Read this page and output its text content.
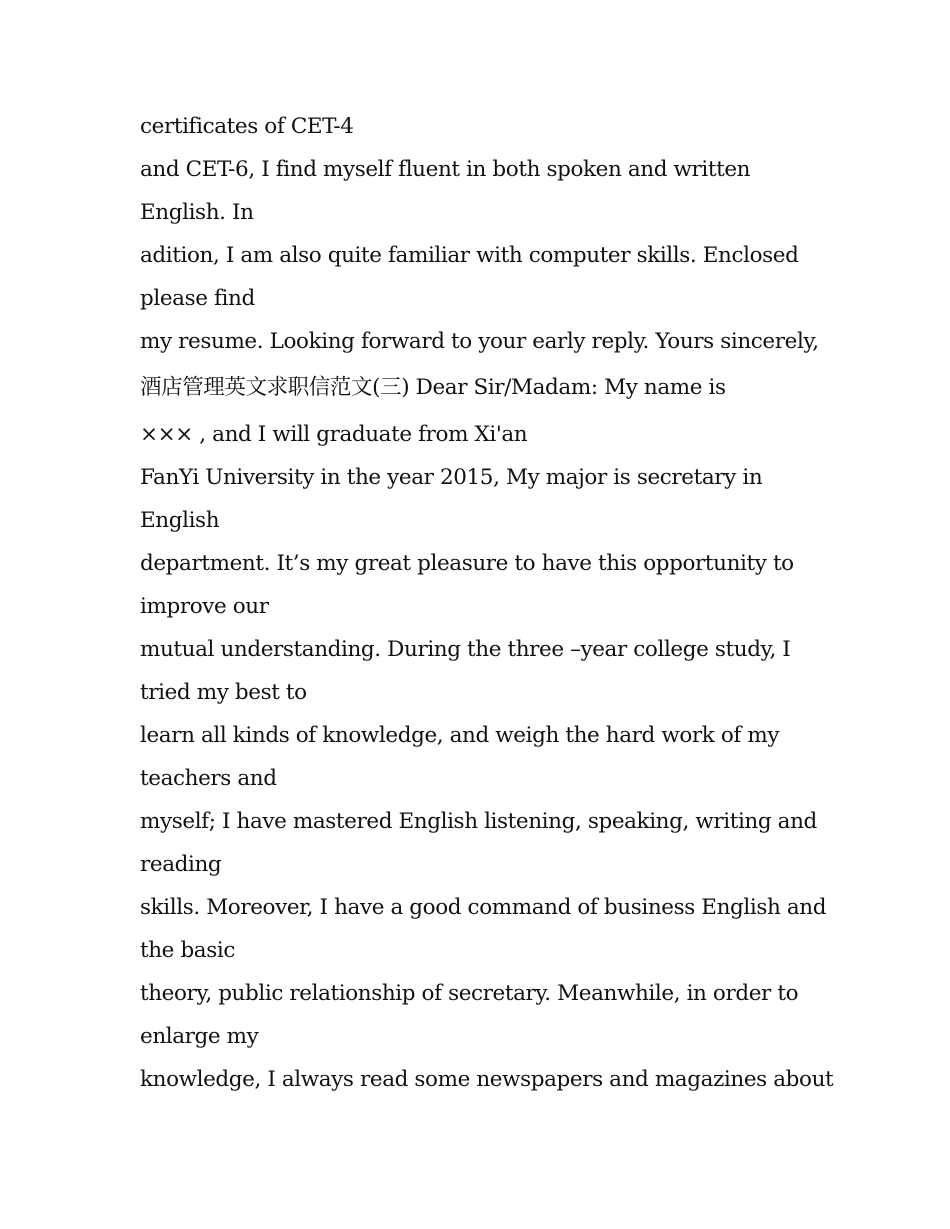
certificates of CET-4
and CET-6, I find myself fluent in both spoken and written
English. In
adition, I am also quite familiar with computer skills. Enclosed
please find
my resume. Looking forward to your early reply. Yours sincerely,
酒店管理英文求职信范文(三) Dear Sir/Madam: My name is
××× , and I will graduate from Xi'an
FanYi University in the year 2015, My major is secretary in
English
department. It’s my great pleasure to have this opportunity to
improve our
mutual understanding. During the three –year college study, I
tried my best to
learn all kinds of knowledge, and weigh the hard work of my
teachers and
myself; I have mastered English listening, speaking, writing and
reading
skills. Moreover, I have a good command of business English and
the basic
theory, public relationship of secretary. Meanwhile, in order to
enlarge my
knowledge, I always read some newspapers and magazines about
